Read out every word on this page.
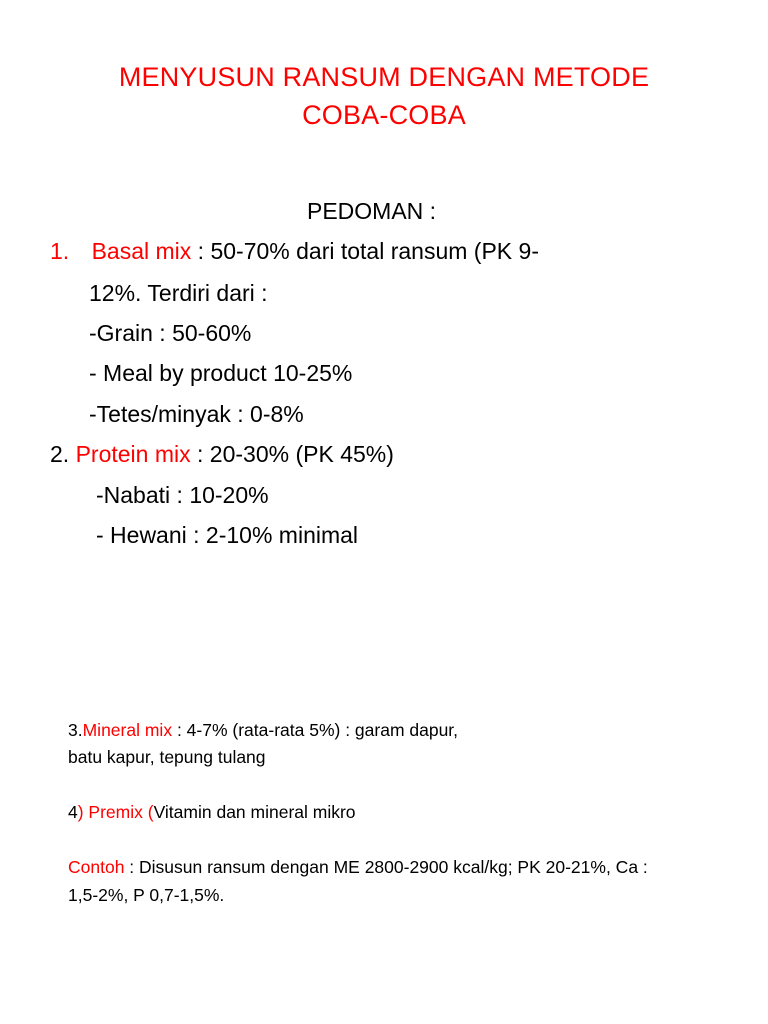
MENYUSUN RANSUM DENGAN METODE
COBA-COBA
PEDOMAN :
1. Basal mix : 50-70% dari total ransum (PK 9-
12%. Terdiri dari :
-Grain : 50-60%
- Meal by product 10-25%
-Tetes/minyak : 0-8%
2. Protein mix : 20-30% (PK 45%)
-Nabati : 10-20%
- Hewani : 2-10% minimal
3.Mineral mix : 4-7% (rata-rata 5%) : garam dapur,
batu kapur, tepung tulang
4) Premix (Vitamin dan mineral mikro
Contoh : Disusun ransum dengan ME 2800-2900 kcal/kg; PK 20-21%, Ca :
1,5-2%, P 0,7-1,5%.
